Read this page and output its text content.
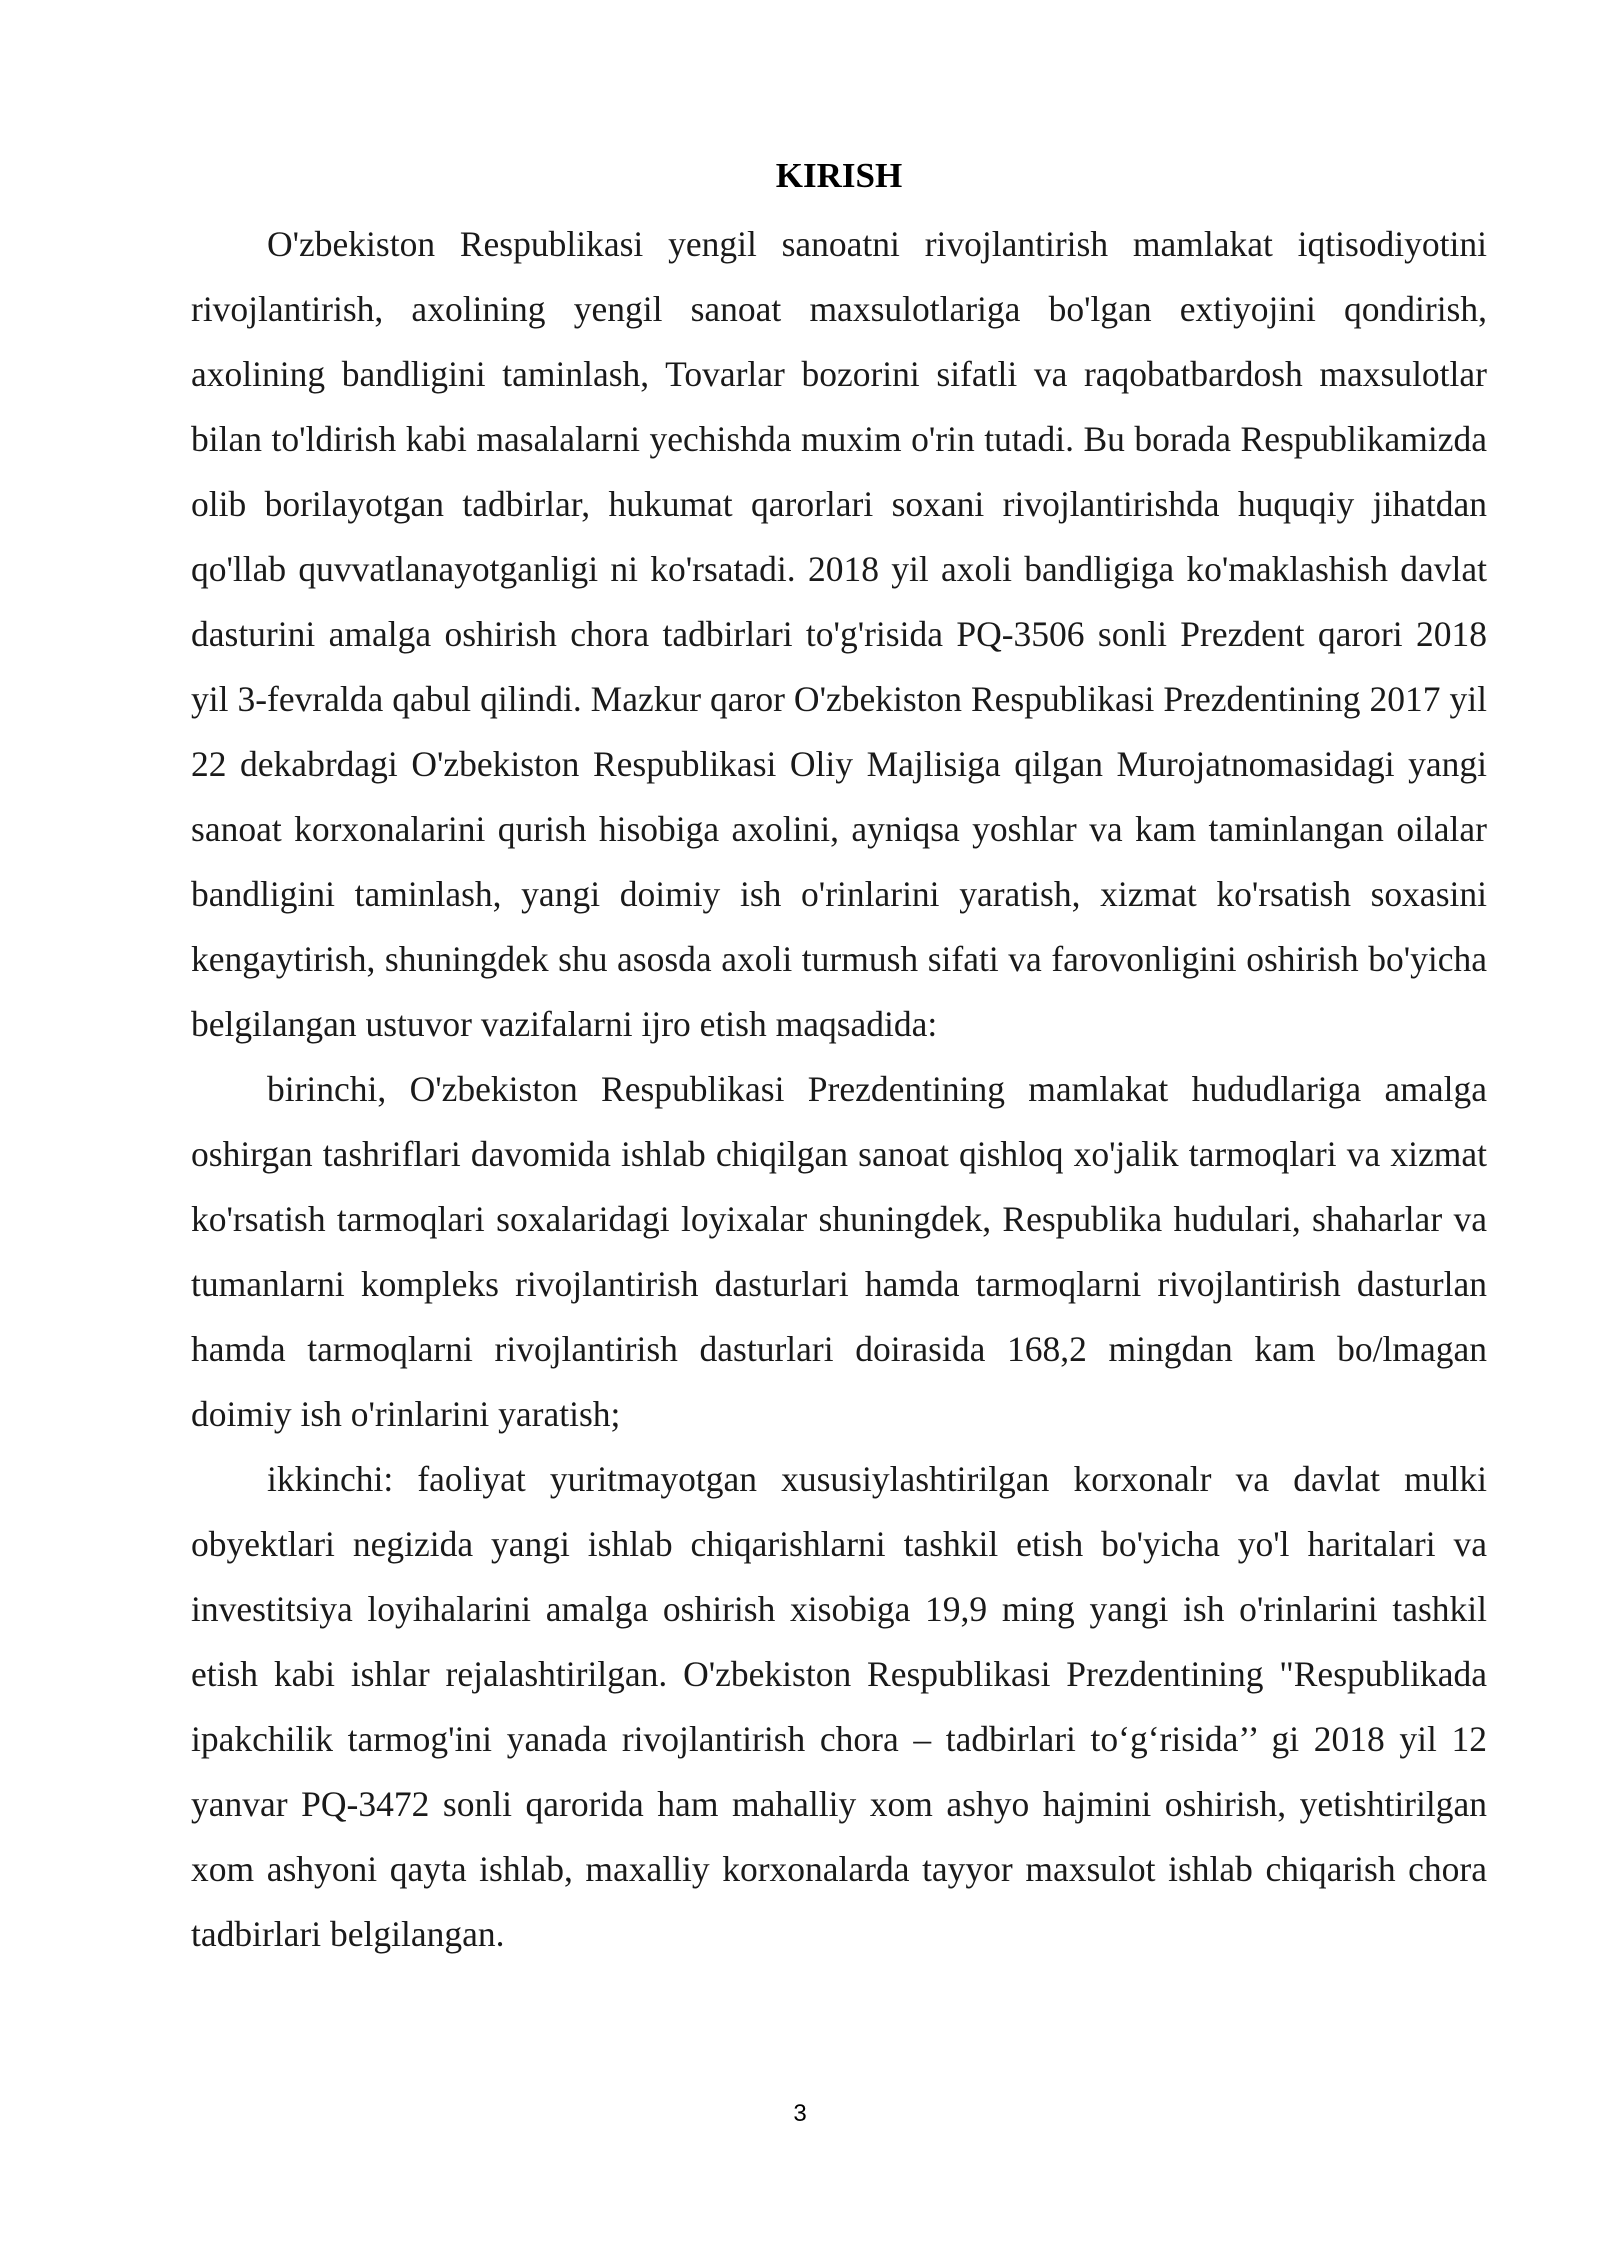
KIRISH

O'zbekiston Respublikasi yengil sanoatni rivojlantirish mamlakat iqtisodiyotini rivojlantirish, axolining yengil sanoat maxsulotlariga bo'lgan extiyojini qondirish, axolining bandligini taminlash, Tovarlar bozorini sifatli va raqobatbardosh maxsulotlar bilan to'ldirish kabi masalalarni yechishda muxim o'rin tutadi. Bu borada Respublikamizda olib borilayotgan tadbirlar, hukumat qarorlari soxani rivojlantirishda huquqiy jihatdan qo'llab quvvatlanayotganligi ni ko'rsatadi. 2018 yil axoli bandligiga ko'maklashish davlat dasturini amalga oshirish chora tadbirlari to'g'risida PQ-3506 sonli Prezdent qarori 2018 yil 3-fevralda qabul qilindi. Mazkur qaror O'zbekiston Respublikasi Prezdentining 2017 yil 22 dekabrdagi O'zbekiston Respublikasi Oliy Majlisiga qilgan Murojatnomasidagi yangi sanoat korxonalarini qurish hisobiga axolini, ayniqsa yoshlar va kam taminlangan oilalar bandligini taminlash, yangi doimiy ish o'rinlarini yaratish, xizmat ko'rsatish soxasini kengaytirish, shuningdek shu asosda axoli turmush sifati va farovonligini oshirish bo'yicha belgilangan ustuvor vazifalarni ijro etish maqsadida:

birinchi, O'zbekiston Respublikasi Prezdentining mamlakat hududlariga amalga oshirgan tashriflari davomida ishlab chiqilgan sanoat qishloq xo'jalik tarmoqlari va xizmat ko'rsatish tarmoqlari soxalaridagi loyixalar shuningdek, Respublika hudulari, shaharlar va tumanlarni kompleks rivojlantirish dasturlari hamda tarmoqlarni rivojlantirish dasturlan hamda tarmoqlarni rivojlantirish dasturlari doirasida 168,2 mingdan kam bo/lmagan doimiy ish o'rinlarini yaratish;

ikkinchi: faoliyat yuritmayotgan xususiylashtirilgan korxonalr va davlat mulki obyektlari negizida yangi ishlab chiqarishlarni tashkil etish bo'yicha yo'l haritalari va investitsiya loyihalarini amalga oshirish xisobiga 19,9 ming yangi ish o'rinlarini tashkil etish kabi ishlar rejalashtirilgan. O'zbekiston Respublikasi Prezdentining "Respublikada ipakchilik tarmog'ini yanada rivojlantirish chora – tadbirlari to‘g‘risida’’ gi 2018 yil 12 yanvar PQ-3472 sonli qarorida ham mahalliy xom ashyo hajmini oshirish, yetishtirilgan xom ashyoni qayta ishlab, maxalliy korxonalarda tayyor maxsulot ishlab chiqarish chora tadbirlari belgilangan.

3
